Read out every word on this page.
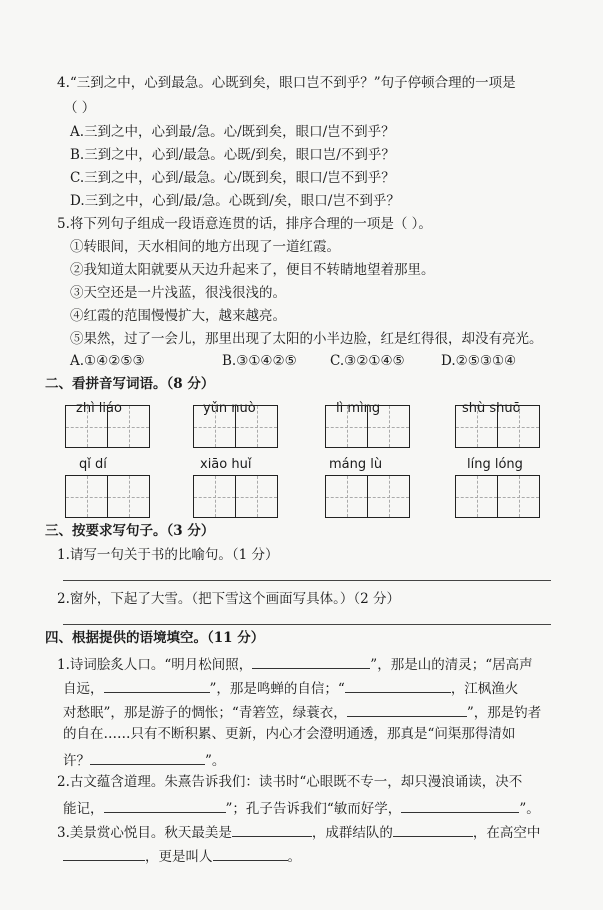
4.“三到之中，心到最急。心既到矣，眼口岂不到乎？”句子停顿合理的一项是
（ ）
A.三到之中，心到最/急。心/既到矣，眼口/岂不到乎？
B.三到之中，心到/最急。心既/到矣，眼口岂/不到乎？
C.三到之中，心到/最急。心/既到矣，眼口/岂不到乎？
D.三到之中，心到/最/急。心既到/矣，眼口/岂不到乎？
5.将下列句子组成一段语意连贯的话，排序合理的一项是（ ）。
①转眼间，天水相间的地方出现了一道红霞。
②我知道太阳就要从天边升起来了，便目不转睛地望着那里。
③天空还是一片浅蓝，很浅很浅的。
④红霞的范围慢慢扩大，越来越亮。
⑤果然，过了一会儿，那里出现了太阳的小半边脸，红是红得很，却没有亮光。
A.①④②⑤③	B.③①④②⑤ C.③②①④⑤	D.②⑤③①④
二、看拼音写词语。（8 分）
zhì liáo	yǔn nuò	lì mìng	shù shuō
qǐ dí	xiāo huǐ	máng lù	líng lóng
三、按要求写句子。（3 分）
1.请写一句关于书的比喻句。（1 分）
2.窗外，下起了大雪。（把下雪这个画面写具体。）（2 分）
四、根据提供的语境填空。（11 分）
1.诗词脍炙人口。“明月松间照，	”，那是山的清灵；“居高声
自远，	”，那是鸣蝉的自信；“	，江枫渔火
对愁眠”，那是游子的惆怅；“青箬笠，绿蓑衣，	”，那是钓者
的自在……只有不断积累、更新，内心才会澄明通透，那真是“问渠那得清如
许？	”。
2.古文蕴含道理。朱熹告诉我们：读书时“心眼既不专一，却只漫浪诵读，决不
能记，	”；孔子告诉我们“敏而好学，	”。
3.美景赏心悦目。秋天最美是	，成群结队的	，在高空中
，更是叫人	。
